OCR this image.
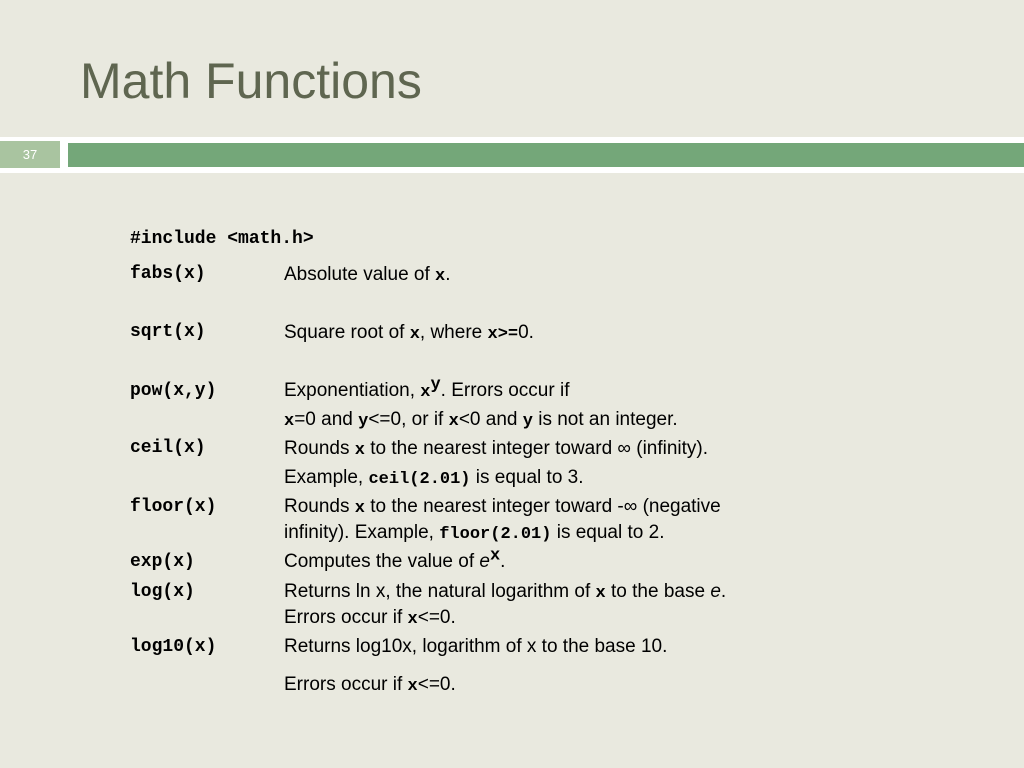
Math Functions
37
#include <math.h>
fabs(x)	Absolute value of x.
sqrt(x)	Square root of x, where x>=0.
pow(x,y)	Exponentiation, $x^y$. Errors occur if
x=0 and y<=0, or if x<0 and y is not an integer.
ceil(x)	Rounds x to the nearest integer toward ∞ (infinity).
Example, ceil(2.01) is equal to 3.
floor(x)	Rounds x to the nearest integer toward -∞ (negative
infinity). Example, floor(2.01) is equal to 2.
exp(x)	Computes the value of $e^x$.
log(x)	Returns ln x, the natural logarithm of x to the base e.
Errors occur if x<=0.
log10(x)	Returns log10x, logarithm of x to the base 10.
Errors occur if x<=0.
